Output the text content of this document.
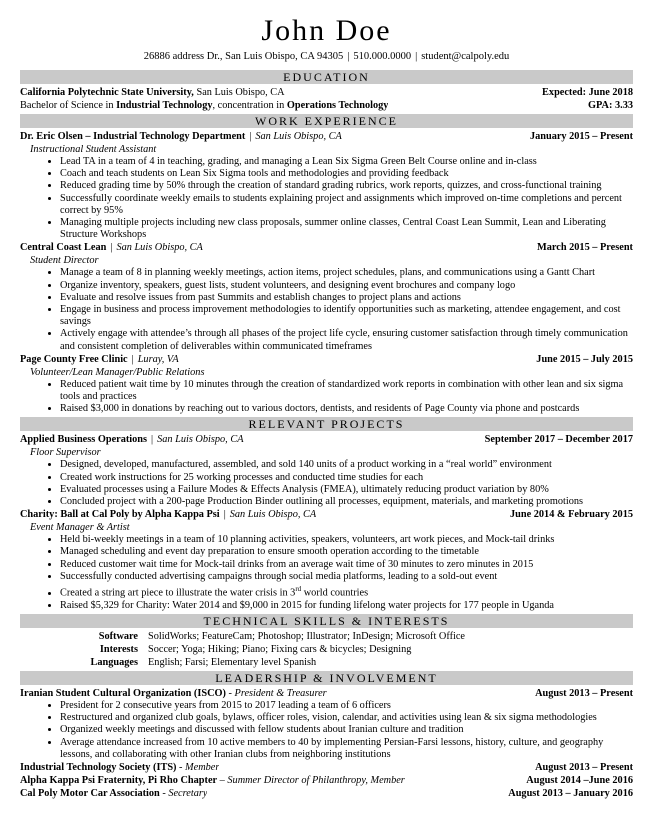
John Doe
26886 address Dr., San Luis Obispo, CA 94305 | 510.000.0000 | student@calpoly.edu
EDUCATION
California Polytechnic State University, San Luis Obispo, CA	Expected: June 2018
Bachelor of Science in Industrial Technology, concentration in Operations Technology	GPA: 3.33
WORK EXPERIENCE
Dr. Eric Olsen – Industrial Technology Department | San Luis Obispo, CA	January 2015 – Present
Instructional Student Assistant
• Lead TA in a team of 4 in teaching, grading, and managing a Lean Six Sigma Green Belt Course online and in-class
• Coach and teach students on Lean Six Sigma tools and methodologies and providing feedback
• Reduced grading time by 50% through the creation of standard grading rubrics, work reports, quizzes, and cross-functional training
• Successfully coordinate weekly emails to students explaining project and assignments which improved on-time completions and percent correct by 95%
• Managing multiple projects including new class proposals, summer online classes, Central Coast Lean Summit, Lean and Liberating Structure Workshops
Central Coast Lean | San Luis Obispo, CA	March 2015 – Present
Student Director
• Manage a team of 8 in planning weekly meetings, action items, project schedules, plans, and communications using a Gantt Chart
• Organize inventory, speakers, guest lists, student volunteers, and designing event brochures and company logo
• Evaluate and resolve issues from past Summits and establish changes to project plans and actions
• Engage in business and process improvement methodologies to identify opportunities such as marketing, attendee engagement, and cost savings
• Actively engage with attendee’s through all phases of the project life cycle, ensuring customer satisfaction through timely communication and consistent completion of deliverables within communicated timeframes
Page County Free Clinic | Luray, VA	June 2015 – July 2015
Volunteer/Lean Manager/Public Relations
• Reduced patient wait time by 10 minutes through the creation of standardized work reports in combination with other lean and six sigma tools and practices
• Raised $3,000 in donations by reaching out to various doctors, dentists, and residents of Page County via phone and postcards
RELEVANT PROJECTS
Applied Business Operations | San Luis Obispo, CA	September 2017 – December 2017
Floor Supervisor
• Designed, developed, manufactured, assembled, and sold 140 units of a product working in a “real world” environment
• Created work instructions for 25 working processes and conducted time studies for each
• Evaluated processes using a Failure Modes & Effects Analysis (FMEA), ultimately reducing product variation by 80%
• Concluded project with a 200-page Production Binder outlining all processes, equipment, materials, and marketing promotions
Charity: Ball at Cal Poly by Alpha Kappa Psi | San Luis Obispo, CA	June 2014 & February 2015
Event Manager & Artist
• Held bi-weekly meetings in a team of 10 planning activities, speakers, volunteers, art work pieces, and Mock-tail drinks
• Managed scheduling and event day preparation to ensure smooth operation according to the timetable
• Reduced customer wait time for Mock-tail drinks from an average wait time of 30 minutes to zero minutes in 2015
• Successfully conducted advertising campaigns through social media platforms, leading to a sold-out event
• Created a string art piece to illustrate the water crisis in 3rd world countries
• Raised $5,329 for Charity: Water 2014 and $9,000 in 2015 for funding lifelong water projects for 177 people in Uganda
TECHNICAL SKILLS & INTERESTS
Software SolidWorks; FeatureCam; Photoshop; Illustrator; InDesign; Microsoft Office
Interests Soccer; Yoga; Hiking; Piano; Fixing cars & bicycles; Designing
Languages English; Farsi; Elementary level Spanish
LEADERSHIP & INVOLVEMENT
Iranian Student Cultural Organization (ISCO) - President & Treasurer	August 2013 – Present
• President for 2 consecutive years from 2015 to 2017 leading a team of 6 officers
• Restructured and organized club goals, bylaws, officer roles, vision, calendar, and activities using lean & six sigma methodologies
• Organized weekly meetings and discussed with fellow students about Iranian culture and tradition
• Average attendance increased from 10 active members to 40 by implementing Persian-Farsi lessons, history, culture, and geography lessons, and collaborating with other Iranian clubs from neighboring institutions
Industrial Technology Society (ITS) - Member	August 2013 – Present
Alpha Kappa Psi Fraternity, Pi Rho Chapter – Summer Director of Philanthropy, Member	August 2014 –June 2016
Cal Poly Motor Car Association - Secretary	August 2013 – January 2016
